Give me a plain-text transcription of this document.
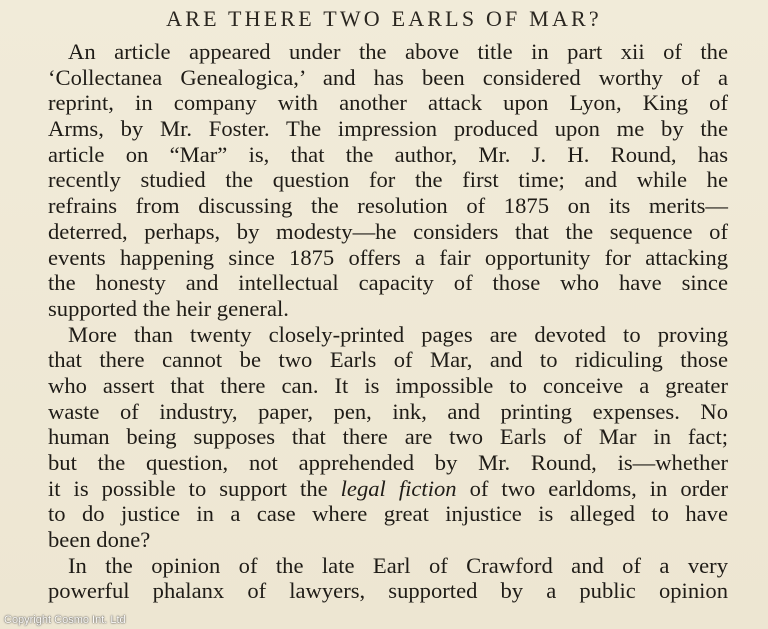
ARE THERE TWO EARLS OF MAR?
An article appeared under the above title in part xii of the
‘Collectanea Genealogica,’ and has been considered worthy of a
reprint, in company with another attack upon Lyon, King of
Arms, by Mr. Foster. The impression produced upon me by the
article on “Mar” is, that the author, Mr. J. H. Round, has
recently studied the question for the first time; and while he
refrains from discussing the resolution of 1875 on its merits—
deterred, perhaps, by modesty—he considers that the sequence of
events happening since 1875 offers a fair opportunity for attacking
the honesty and intellectual capacity of those who have since
supported the heir general.
More than twenty closely-printed pages are devoted to proving
that there cannot be two Earls of Mar, and to ridiculing those
who assert that there can. It is impossible to conceive a greater
waste of industry, paper, pen, ink, and printing expenses. No
human being supposes that there are two Earls of Mar in fact;
but the question, not apprehended by Mr. Round, is—whether
it is possible to support the legal fiction of two earldoms, in order
to do justice in a case where great injustice is alleged to have
been done?
In the opinion of the late Earl of Crawford and of a very
powerful phalanx of lawyers, supported by a public opinion
Copyright Cosmo Int. Ltd
